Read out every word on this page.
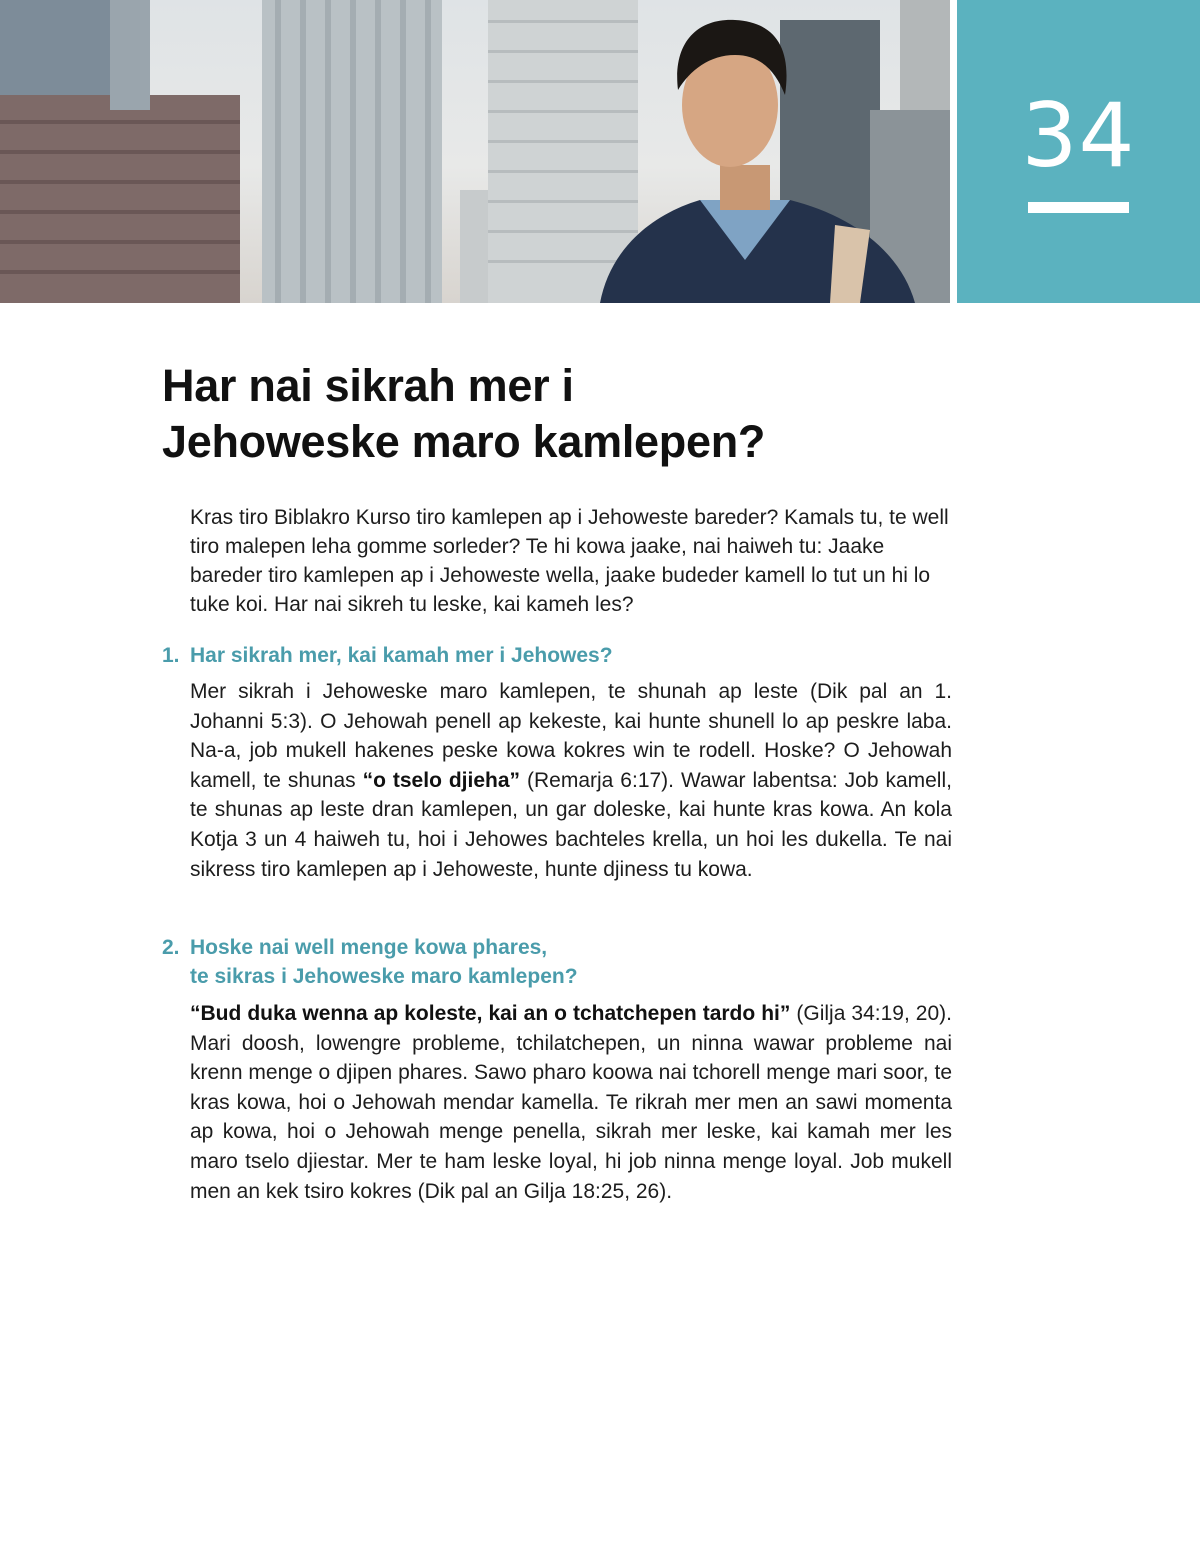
34
Har nai sikrah mer i
Jehoweske maro kamlepen?

Kras tiro Biblakro Kurso tiro kamlepen ap i Jehoweste bareder? Kamals tu, te well tiro malepen leha gomme sorleder? Te hi kowa jaake, nai haiweh tu: Jaake bareder tiro kamlepen ap i Jehoweste wella, jaake budeder kamell lo tut un hi lo tuke koi. Har nai sikreh tu leske, kai kameh les?

1. Har sikrah mer, kai kamah mer i Jehowes?

Mer sikrah i Jehoweske maro kamlepen, te shunah ap leste (Dik pal an 1. Johanni 5:3). O Jehowah penell ap kekeste, kai hunte shunell lo ap peskre laba. Na-a, job mukell hakenes peske kowa kokres win te rodell. Hoske? O Jehowah kamell, te shunas “o tselo djieha” (Remarja 6:17). Wawar labentsa: Job kamell, te shunas ap leste dran kamlepen, un gar doleske, kai hunte kras kowa. An kola Kotja 3 un 4 haiweh tu, hoi i Jehowes bachteles krella, un hoi les dukella. Te nai sikress tiro kamlepen ap i Jehoweste, hunte djiness tu kowa.

2. Hoske nai well menge kowa phares,
te sikras i Jehoweske maro kamlepen?

“Bud duka wenna ap koleste, kai an o tchatchepen tardo hi” (Gilja 34:19, 20). Mari doosh, lowengre probleme, tchilatchepen, un ninna wawar probleme nai krenn menge o djipen phares. Sawo pharo koowa nai tchorell menge mari soor, te kras kowa, hoi o Jehowah mendar kamella. Te rikrah mer men an sawi momenta ap kowa, hoi o Jehowah menge penella, sikrah mer leske, kai kamah mer les maro tselo djiestar. Mer te ham leske loyal, hi job ninna menge loyal. Job mukell men an kek tsiro kokres (Dik pal an Gilja 18:25, 26).
